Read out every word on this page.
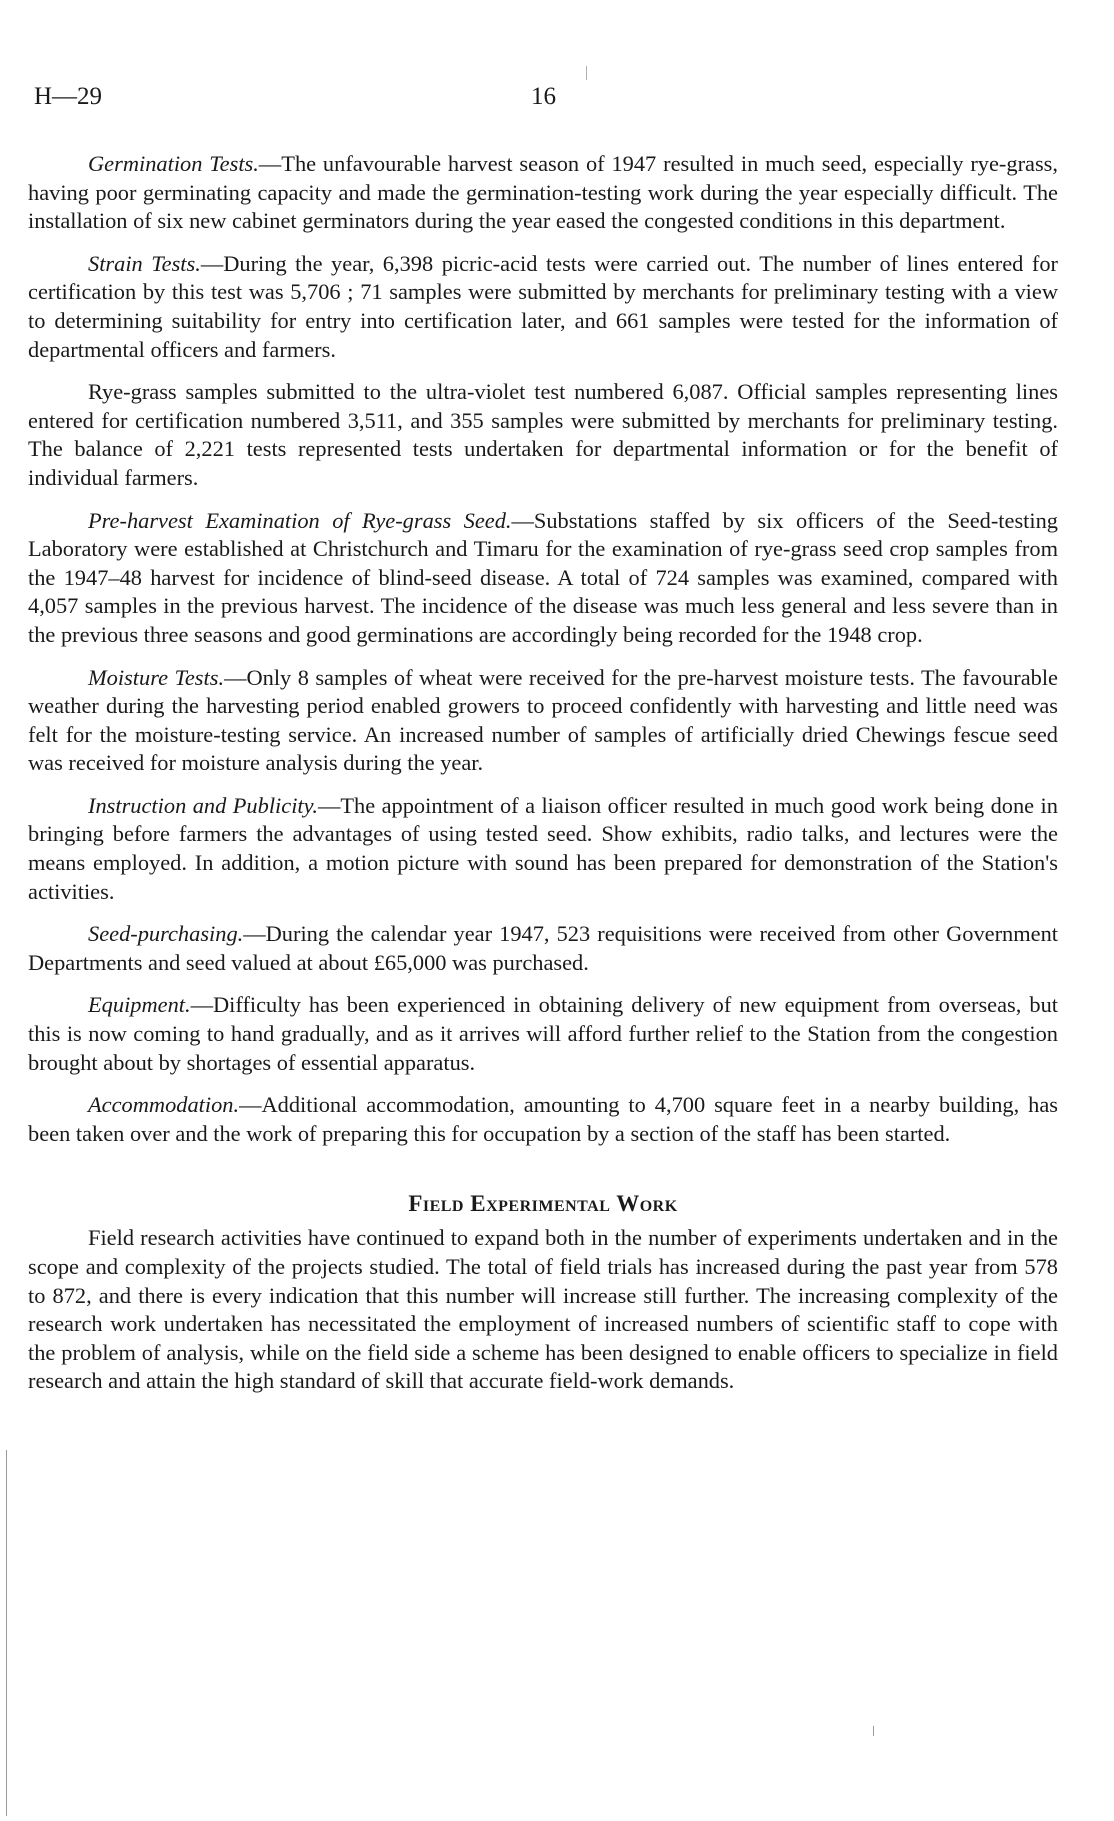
H—29	16

Germination Tests.—The unfavourable harvest season of 1947 resulted in much seed, especially rye-grass, having poor germinating capacity and made the germination-testing work during the year especially difficult. The installation of six new cabinet germinators during the year eased the congested conditions in this department.

Strain Tests.—During the year, 6,398 picric-acid tests were carried out. The number of lines entered for certification by this test was 5,706 ; 71 samples were submitted by merchants for preliminary testing with a view to determining suitability for entry into certification later, and 661 samples were tested for the information of departmental officers and farmers.

Rye-grass samples submitted to the ultra-violet test numbered 6,087. Official samples representing lines entered for certification numbered 3,511, and 355 samples were submitted by merchants for preliminary testing. The balance of 2,221 tests represented tests undertaken for departmental information or for the benefit of individual farmers.

Pre-harvest Examination of Rye-grass Seed.—Substations staffed by six officers of the Seed-testing Laboratory were established at Christchurch and Timaru for the examination of rye-grass seed crop samples from the 1947–48 harvest for incidence of blind-seed disease. A total of 724 samples was examined, compared with 4,057 samples in the previous harvest. The incidence of the disease was much less general and less severe than in the previous three seasons and good germinations are accordingly being recorded for the 1948 crop.

Moisture Tests.—Only 8 samples of wheat were received for the pre-harvest moisture tests. The favourable weather during the harvesting period enabled growers to proceed confidently with harvesting and little need was felt for the moisture-testing service. An increased number of samples of artificially dried Chewings fescue seed was received for moisture analysis during the year.

Instruction and Publicity.—The appointment of a liaison officer resulted in much good work being done in bringing before farmers the advantages of using tested seed. Show exhibits, radio talks, and lectures were the means employed. In addition, a motion picture with sound has been prepared for demonstration of the Station's activities.

Seed-purchasing.—During the calendar year 1947, 523 requisitions were received from other Government Departments and seed valued at about £65,000 was purchased.

Equipment.—Difficulty has been experienced in obtaining delivery of new equipment from overseas, but this is now coming to hand gradually, and as it arrives will afford further relief to the Station from the congestion brought about by shortages of essential apparatus.

Accommodation.—Additional accommodation, amounting to 4,700 square feet in a nearby building, has been taken over and the work of preparing this for occupation by a section of the staff has been started.

Field Experimental Work

Field research activities have continued to expand both in the number of experiments undertaken and in the scope and complexity of the projects studied. The total of field trials has increased during the past year from 578 to 872, and there is every indication that this number will increase still further. The increasing complexity of the research work undertaken has necessitated the employment of increased numbers of scientific staff to cope with the problem of analysis, while on the field side a scheme has been designed to enable officers to specialize in field research and attain the high standard of skill that accurate field-work demands.
